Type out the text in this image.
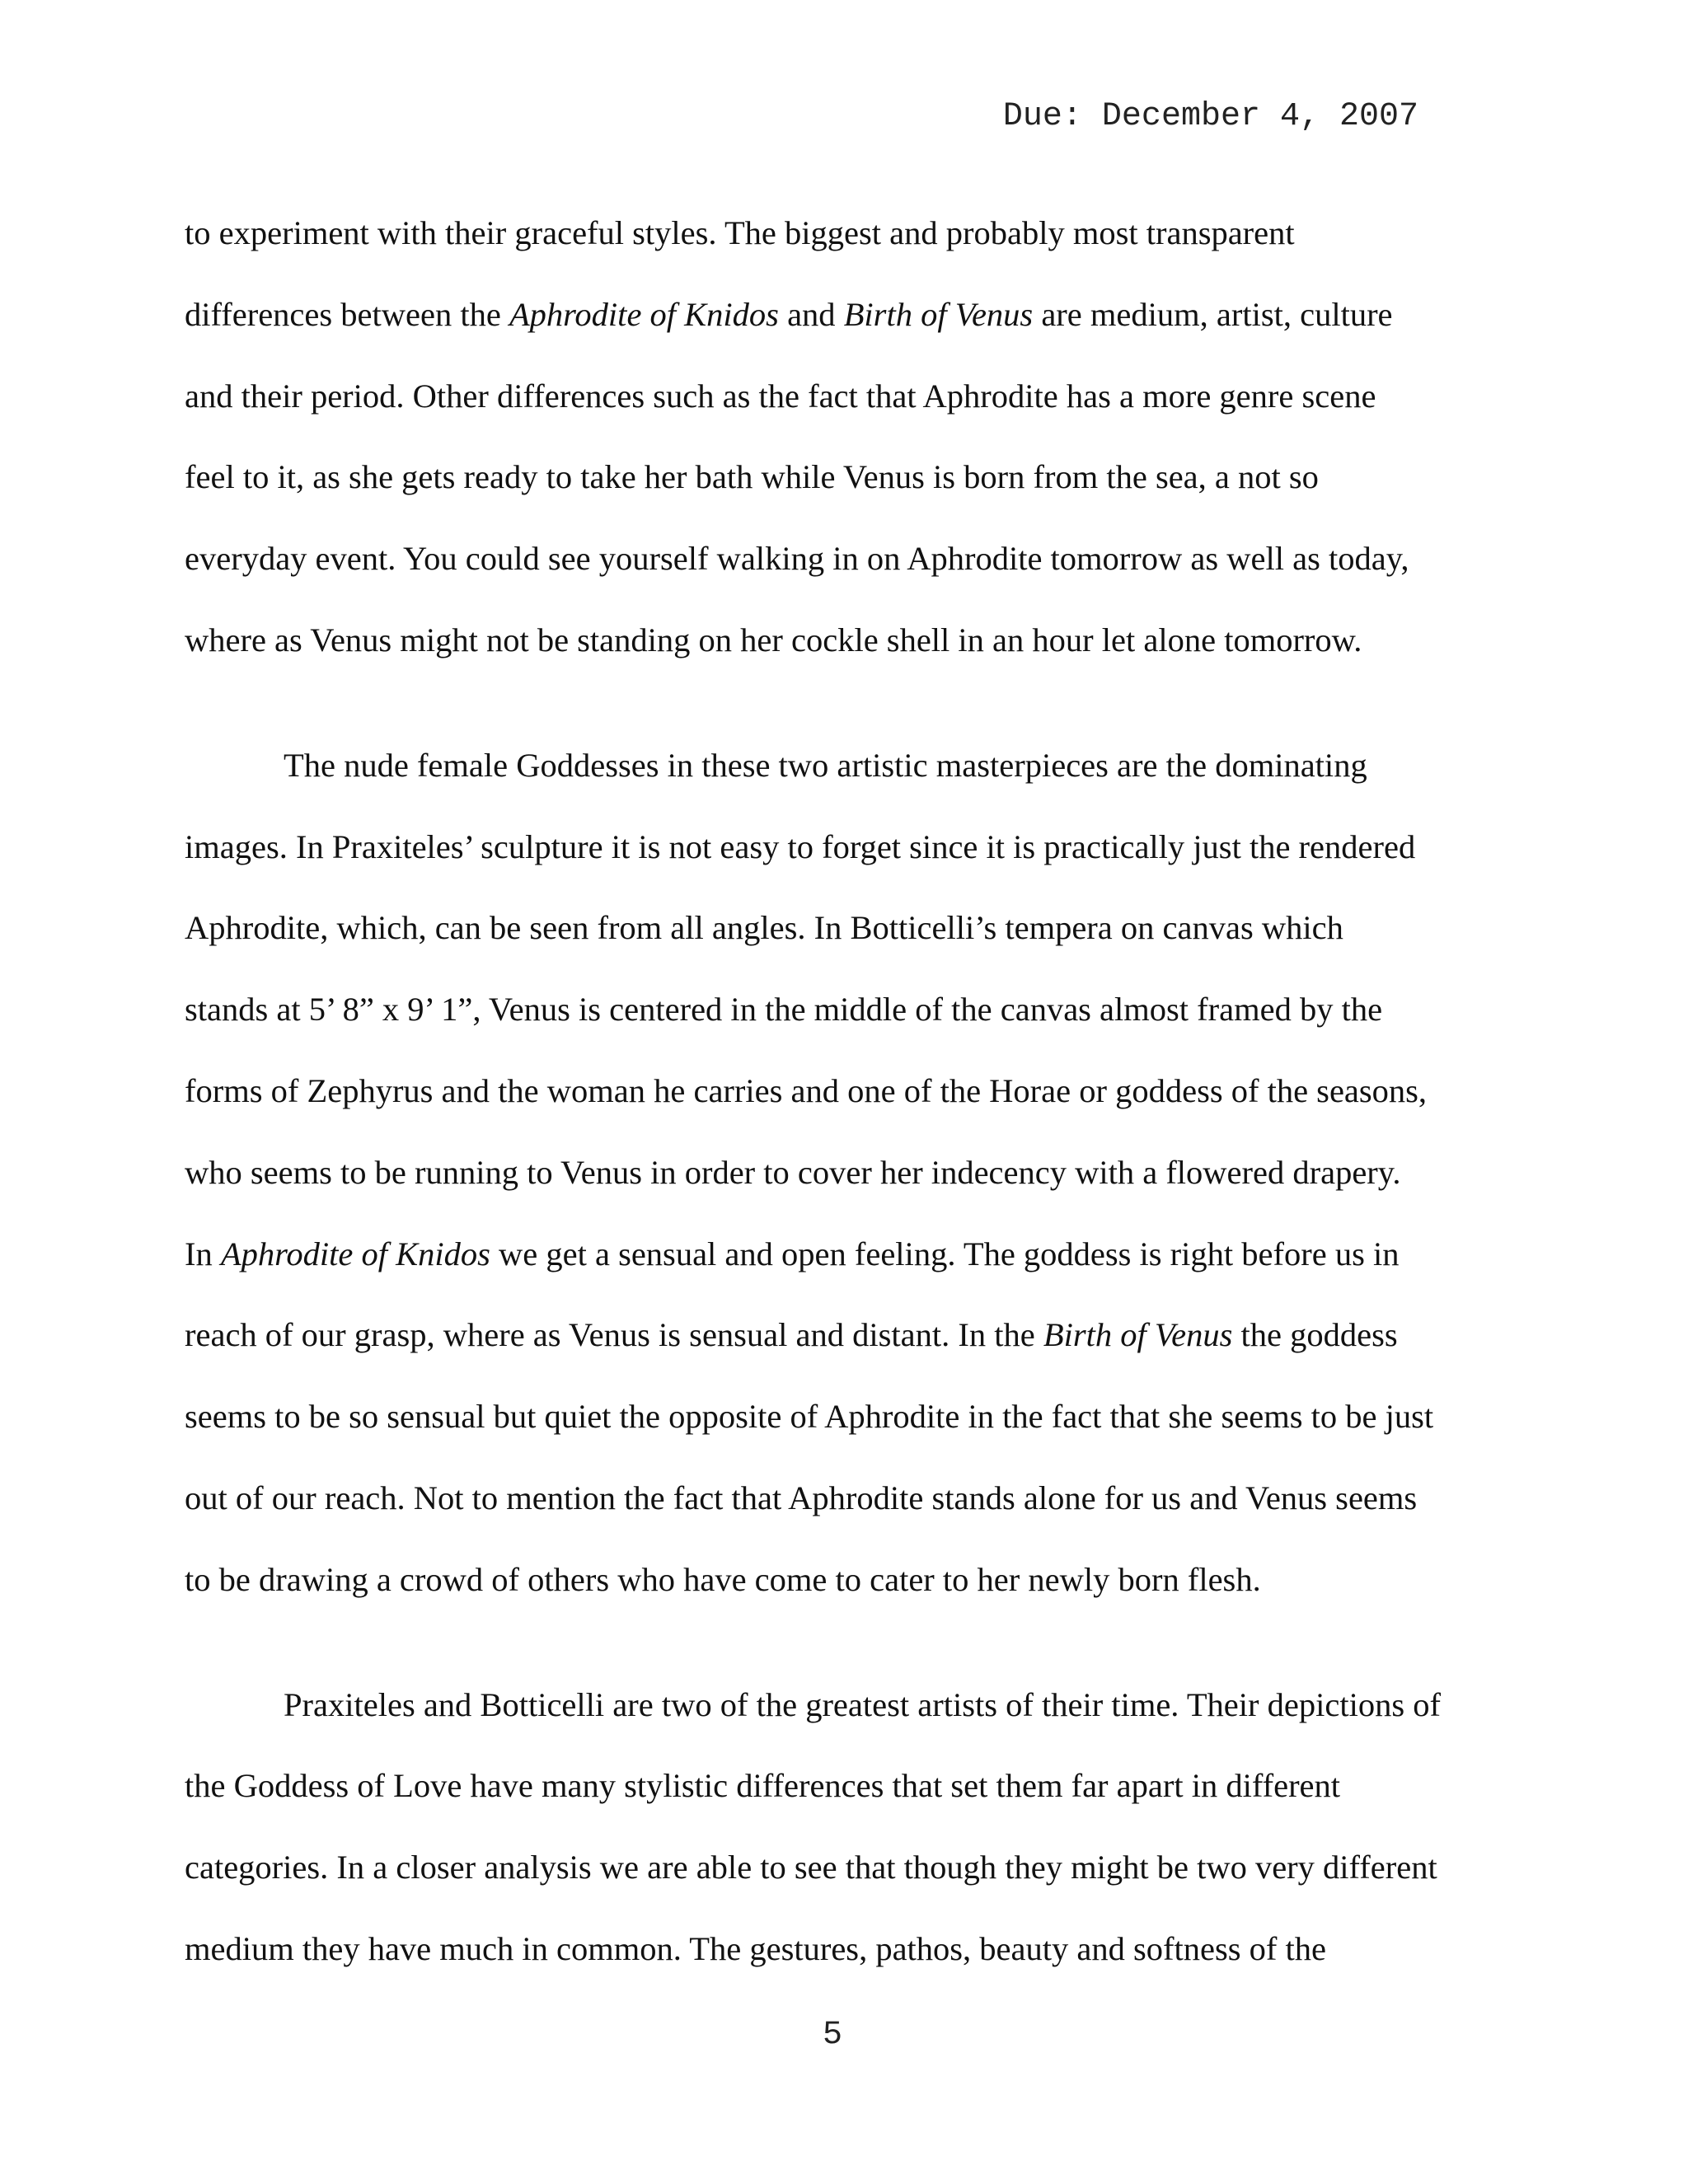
Due: December 4, 2007
to experiment with their graceful styles. The biggest and probably most transparent
differences between the Aphrodite of Knidos and Birth of Venus are medium, artist, culture
and their period. Other differences such as the fact that Aphrodite has a more genre scene
feel to it, as she gets ready to take her bath while Venus is born from the sea, a not so
everyday event. You could see yourself walking in on Aphrodite tomorrow as well as today,
where as Venus might not be standing on her cockle shell in an hour let alone tomorrow.
The nude female Goddesses in these two artistic masterpieces are the dominating
images. In Praxiteles’ sculpture it is not easy to forget since it is practically just the rendered
Aphrodite, which, can be seen from all angles. In Botticelli’s tempera on canvas which
stands at 5’ 8” x 9’ 1”, Venus is centered in the middle of the canvas almost framed by the
forms of Zephyrus and the woman he carries and one of the Horae or goddess of the seasons,
who seems to be running to Venus in order to cover her indecency with a flowered drapery.
In Aphrodite of Knidos we get a sensual and open feeling. The goddess is right before us in
reach of our grasp, where as Venus is sensual and distant. In the Birth of Venus the goddess
seems to be so sensual but quiet the opposite of Aphrodite in the fact that she seems to be just
out of our reach. Not to mention the fact that Aphrodite stands alone for us and Venus seems
to be drawing a crowd of others who have come to cater to her newly born flesh.
Praxiteles and Botticelli are two of the greatest artists of their time. Their depictions of
the Goddess of Love have many stylistic differences that set them far apart in different
categories. In a closer analysis we are able to see that though they might be two very different
medium they have much in common. The gestures, pathos, beauty and softness of the
5
